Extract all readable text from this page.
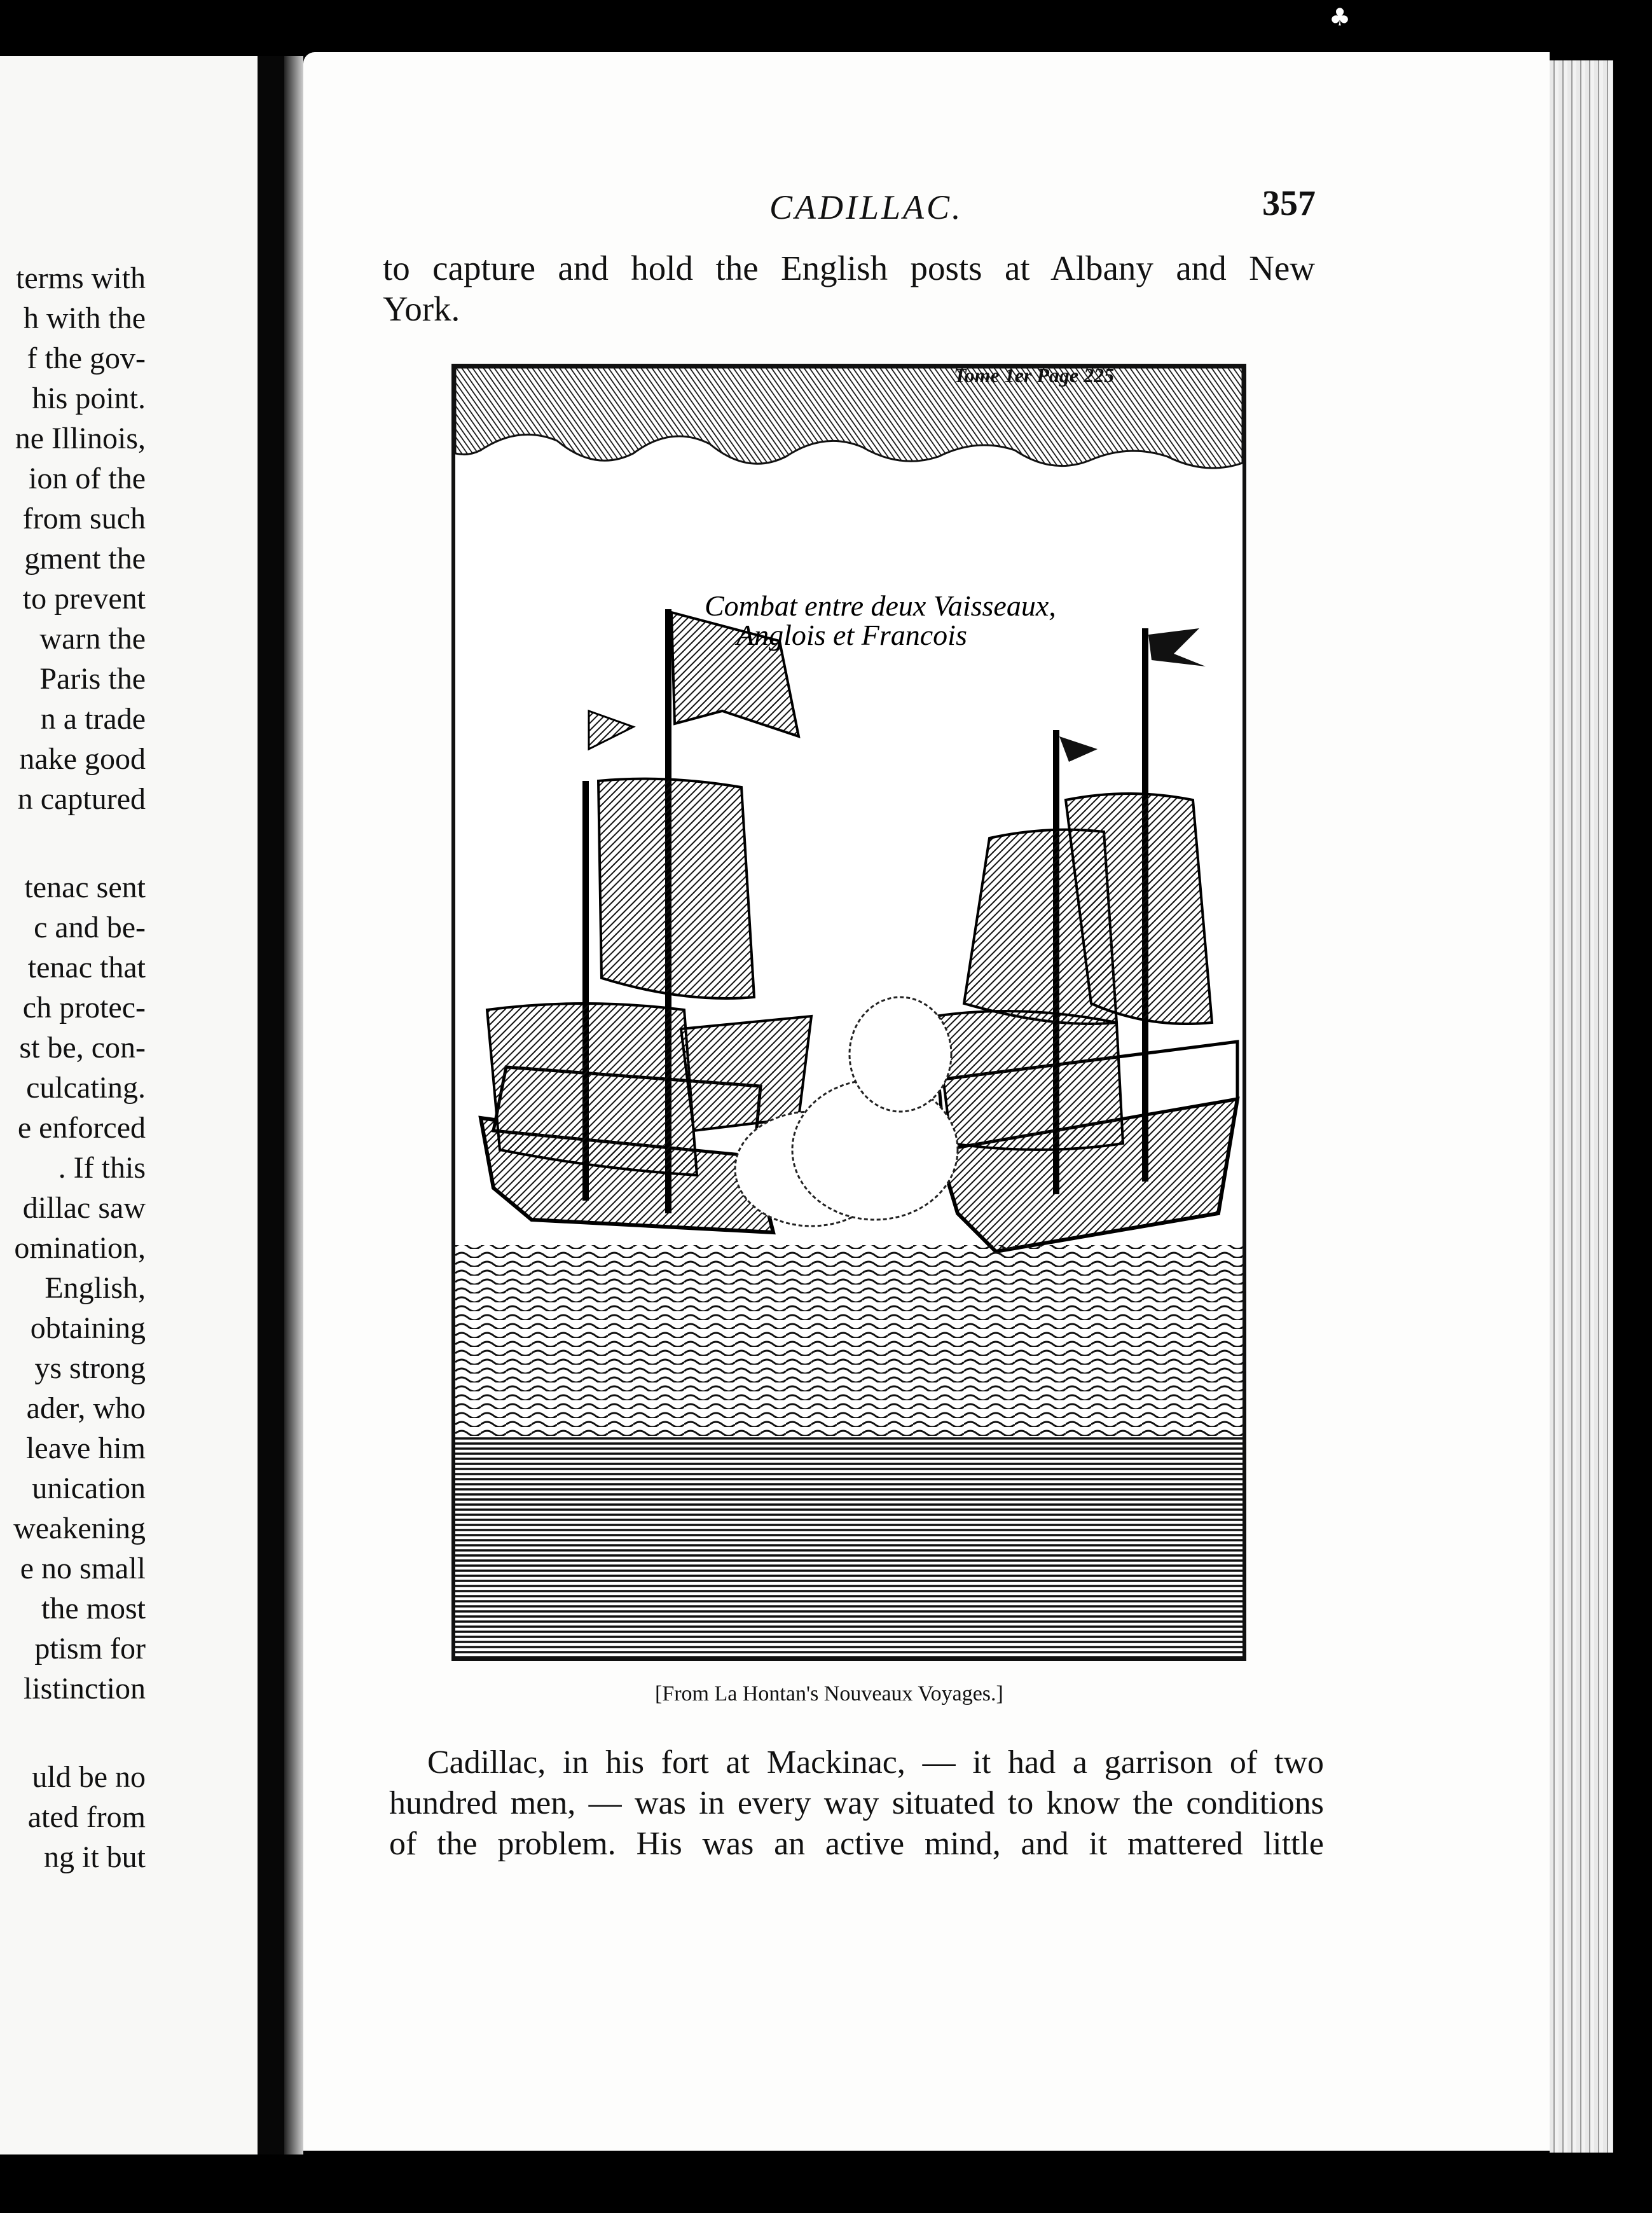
terms with
h with the
f the gov-
his point.
ne Illinois,
ion of the
from such
gment the
to prevent
warn the
Paris the
n a trade
nake good
n captured
tenac sent
c and be-
tenac that
ch protec-
st be, con-
culcating.
e enforced
. If this
dillac saw
omination,
English,
obtaining
ys strong
ader, who
leave him
unication
weakening
e no small
the most
ptism for
listinction
uld be no
ated from
ng it but
♣
CADILLAC.	357
to capture and hold the English posts at Albany and New
York.
Tome 1er Page 225
Combat entre deux Vaisseaux,
Anglois et Francois
[From La Hontan's Nouveaux Voyages.]
Cadillac, in his fort at Mackinac, — it had a garrison of two
hundred men, — was in every way situated to know the conditions
of the problem. His was an active mind, and it mattered little
